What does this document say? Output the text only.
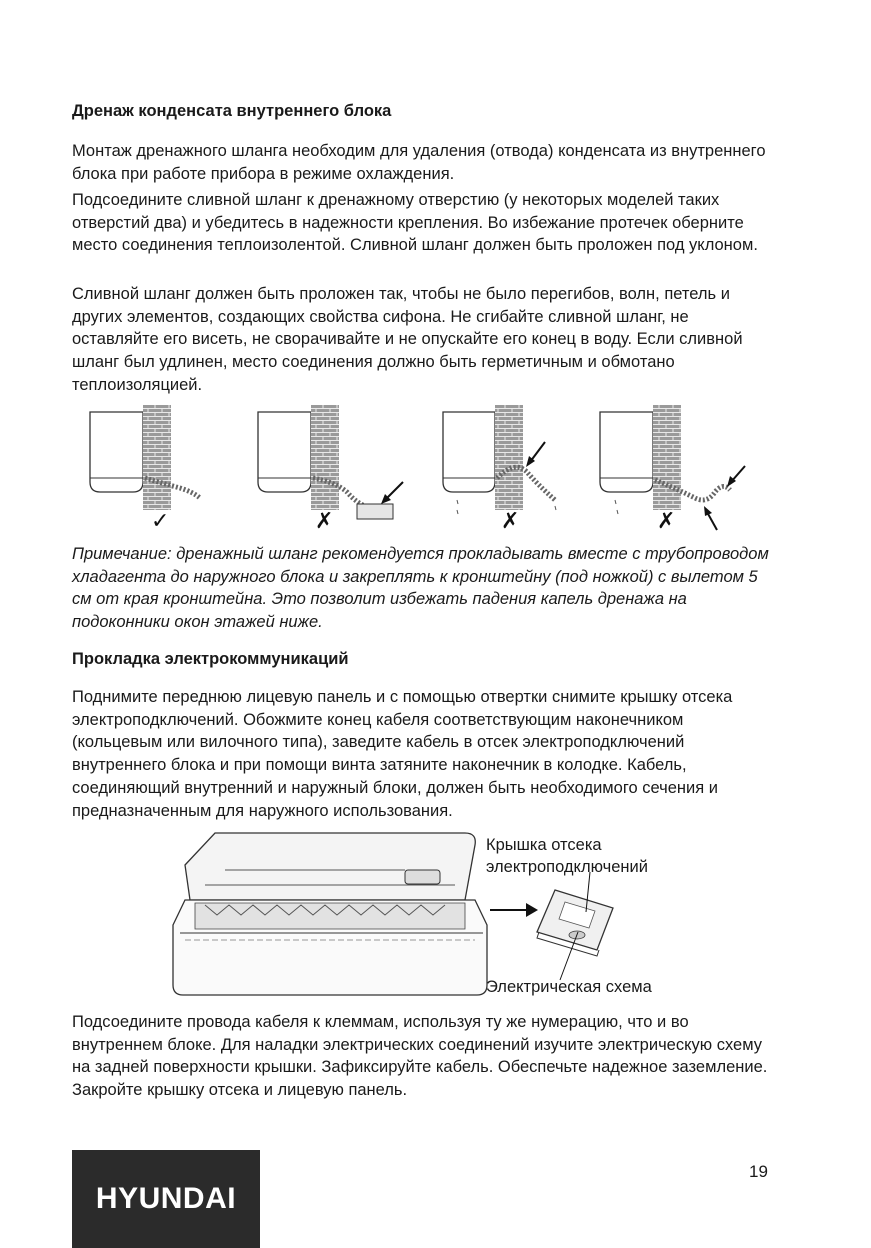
Дренаж конденсата внутреннего блока

Монтаж дренажного шланга необходим для удаления (отвода) конденсата из внутреннего блока при работе прибора в режиме охлаждения.

Подсоедините сливной шланг к дренажному отверстию (у некоторых моделей таких отверстий два) и убедитесь в надежности крепления. Во избежание протечек оберните место соединения теплоизолентой. Сливной шланг должен быть проложен под уклоном.

Сливной шланг должен быть проложен так, чтобы не было перегибов, волн, петель и других элементов, создающих свойства сифона. Не сгибайте сливной шланг, не оставляйте его висеть, не сворачивайте и не опускайте его конец в воду. Если сливной шланг был удлинен, место соединения должно быть герметичным и обмотано теплоизоляцией.

✓	✗	✗	✗

Примечание: дренажный шланг рекомендуется прокладывать вместе с трубопроводом хладагента до наружного блока и закреплять к кронштейну (под ножкой) с вылетом 5 см от края кронштейна. Это позволит избежать падения капель дренажа на подоконники окон этажей ниже.

Прокладка электрокоммуникаций

Поднимите переднюю лицевую панель и с помощью отвертки снимите крышку отсека электроподключений. Обожмите конец кабеля соответствующим наконечником (кольцевым или вилочного типа), заведите кабель в отсек электроподключений внутреннего блока и при помощи винта затяните наконечник в колодке. Кабель, соединяющий внутренний и наружный блоки, должен быть необходимого сечения и предназначенным для наружного использования.

Крышка отсека электроподключений
Электрическая схема

Подсоедините провода кабеля к клеммам, используя ту же нумерацию, что и во внутреннем блоке. Для наладки электрических соединений изучите электрическую схему на задней поверхности крышки. Зафиксируйте кабель. Обеспечьте надежное заземление. Закройте крышку отсека и лицевую панель.

HYUNDAI
19
